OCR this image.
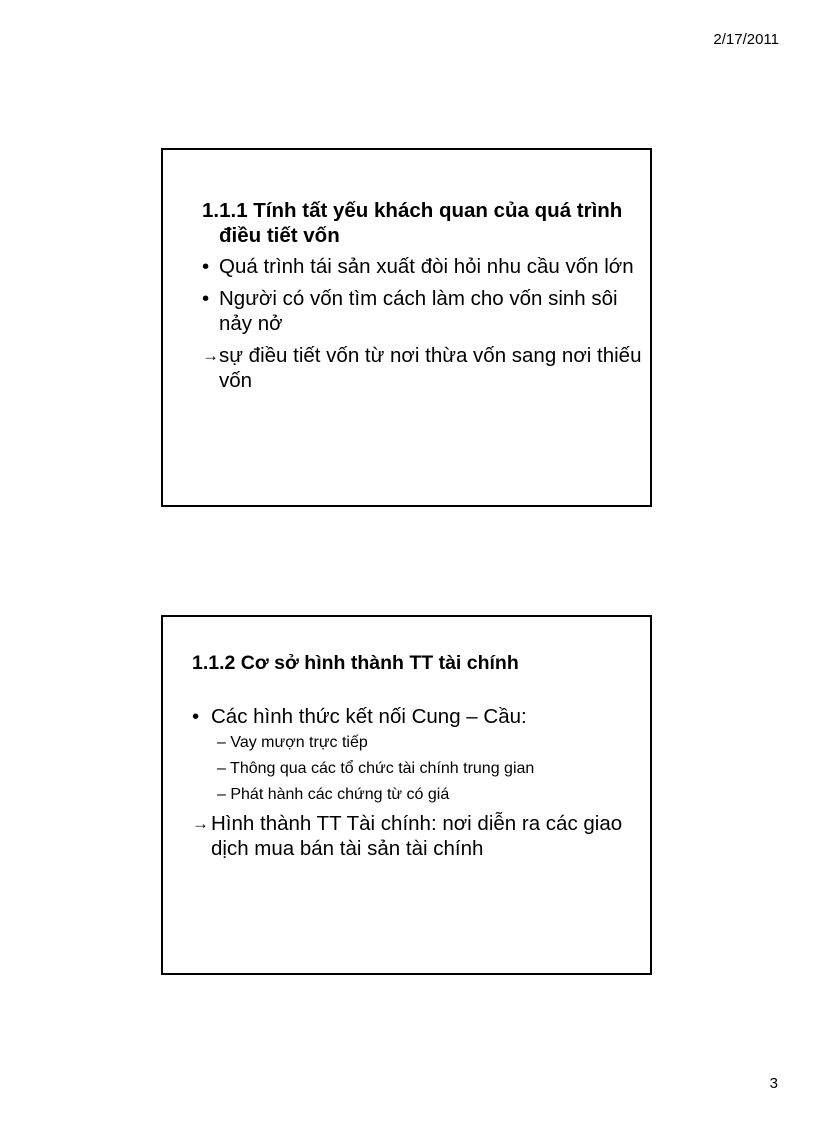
2/17/2011
1.1.1 Tính tất yếu khách quan của quá trình điều tiết vốn
• Quá trình tái sản xuất đòi hỏi nhu cầu vốn lớn
• Người có vốn tìm cách làm cho vốn sinh sôi nảy nở
→ sự điều tiết vốn từ nơi thừa vốn sang nơi thiếu vốn
1.1.2 Cơ sở hình thành TT tài chính
• Các hình thức kết nối Cung – Cầu:
– Vay mượn trực tiếp
– Thông qua các tổ chức tài chính trung gian
– Phát hành các chứng từ có giá
→ Hình thành TT Tài chính: nơi diễn ra các giao dịch mua bán tài sản tài chính
3
